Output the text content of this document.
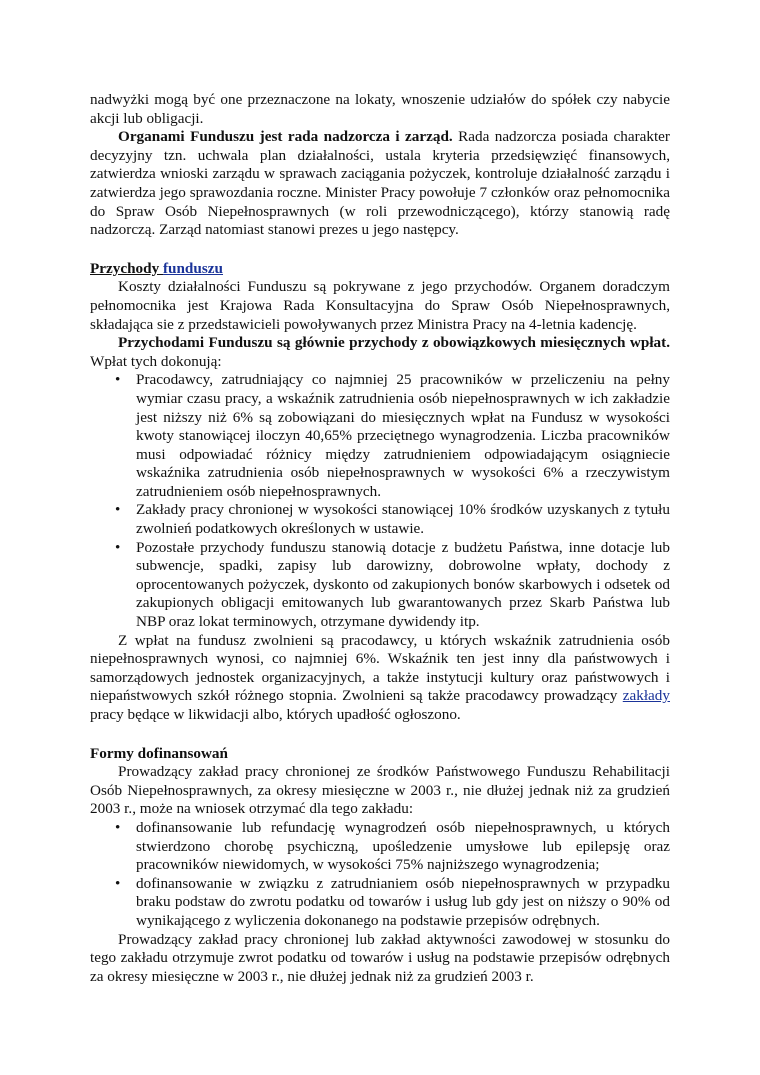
nadwyżki mogą być one przeznaczone na lokaty, wnoszenie udziałów do spółek czy nabycie akcji lub obligacji.

Organami Funduszu jest rada nadzorcza i zarząd. Rada nadzorcza posiada charakter decyzyjny tzn. uchwala plan działalności, ustala kryteria przedsięwzięć finansowych, zatwierdza wnioski zarządu w sprawach zaciągania pożyczek, kontroluje działalność zarządu i zatwierdza jego sprawozdania roczne. Minister Pracy powołuje 7 członków oraz pełnomocnika do Spraw Osób Niepełnosprawnych (w roli przewodniczącego), którzy stanowią radę nadzorczą. Zarząd natomiast stanowi prezes u jego następcy.

Przychody funduszu

Koszty działalności Funduszu są pokrywane z jego przychodów. Organem doradczym pełnomocnika jest Krajowa Rada Konsultacyjna do Spraw Osób Niepełnosprawnych, składająca sie z przedstawicieli powoływanych przez Ministra Pracy na 4-letnia kadencję.

Przychodami Funduszu są głównie przychody z obowiązkowych miesięcznych wpłat. Wpłat tych dokonują:

• Pracodawcy, zatrudniający co najmniej 25 pracowników w przeliczeniu na pełny wymiar czasu pracy, a wskaźnik zatrudnienia osób niepełnosprawnych w ich zakładzie jest niższy niż 6% są zobowiązani do miesięcznych wpłat na Fundusz w wysokości kwoty stanowiącej iloczyn 40,65% przeciętnego wynagrodzenia. Liczba pracowników musi odpowiadać różnicy między zatrudnieniem odpowiadającym osiągniecie wskaźnika zatrudnienia osób niepełnosprawnych w wysokości 6% a rzeczywistym zatrudnieniem osób niepełnosprawnych.
• Zakłady pracy chronionej w wysokości stanowiącej 10% środków uzyskanych z tytułu zwolnień podatkowych określonych w ustawie.
• Pozostałe przychody funduszu stanowią dotacje z budżetu Państwa, inne dotacje lub subwencje, spadki, zapisy lub darowizny, dobrowolne wpłaty, dochody z oprocentowanych pożyczek, dyskonto od zakupionych bonów skarbowych i odsetek od zakupionych obligacji emitowanych lub gwarantowanych przez Skarb Państwa lub NBP oraz lokat terminowych, otrzymane dywidendy itp.

Z wpłat na fundusz zwolnieni są pracodawcy, u których wskaźnik zatrudnienia osób niepełnosprawnych wynosi, co najmniej 6%. Wskaźnik ten jest inny dla państwowych i samorządowych jednostek organizacyjnych, a także instytucji kultury oraz państwowych i niepaństwowych szkół różnego stopnia. Zwolnieni są także pracodawcy prowadzący zakłady pracy będące w likwidacji albo, których upadłość ogłoszono.

Formy dofinansowań

Prowadzący zakład pracy chronionej ze środków Państwowego Funduszu Rehabilitacji Osób Niepełnosprawnych, za okresy miesięczne w 2003 r., nie dłużej jednak niż za grudzień 2003 r., może na wniosek otrzymać dla tego zakładu:

• dofinansowanie lub refundację wynagrodzeń osób niepełnosprawnych, u których stwierdzono chorobę psychiczną, upośledzenie umysłowe lub epilepsję oraz pracowników niewidomych, w wysokości 75% najniższego wynagrodzenia;
• dofinansowanie w związku z zatrudnianiem osób niepełnosprawnych w przypadku braku podstaw do zwrotu podatku od towarów i usług lub gdy jest on niższy o 90% od wynikającego z wyliczenia dokonanego na podstawie przepisów odrębnych.

Prowadzący zakład pracy chronionej lub zakład aktywności zawodowej w stosunku do tego zakładu otrzymuje zwrot podatku od towarów i usług na podstawie przepisów odrębnych za okresy miesięczne w 2003 r., nie dłużej jednak niż za grudzień 2003 r.
